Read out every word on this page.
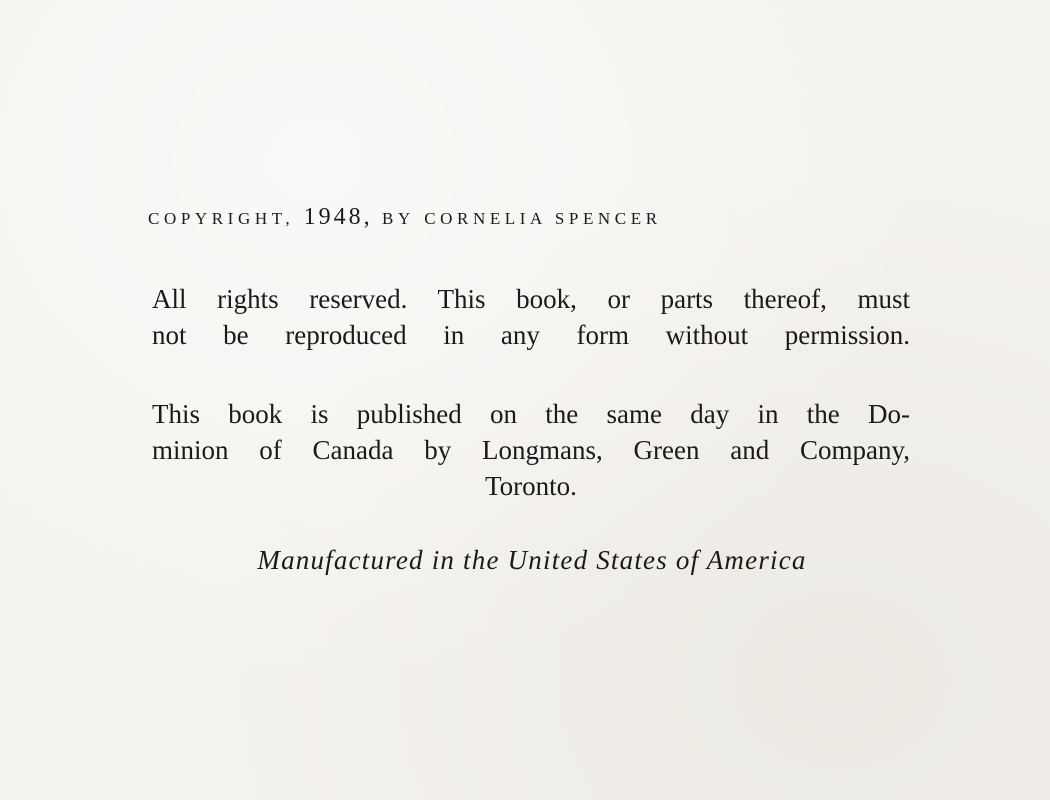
COPYRIGHT, 1948, BY CORNELIA SPENCER
All rights reserved. This book, or parts thereof, must
not be reproduced in any form without permission.
This book is published on the same day in the Do-
minion of Canada by Longmans, Green and Company,
Toronto.
Manufactured in the United States of America
